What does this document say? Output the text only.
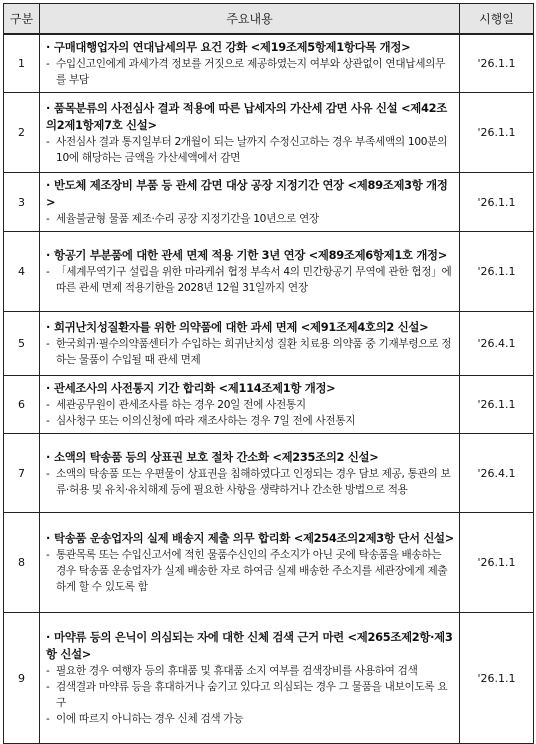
구분	주요내용	시행일
1	· 구매대행업자의 연대납세의무 요건 강화 <제19조제5항제1항다목 개정>
- 수입신고인에게 과세가격 정보를 거짓으로 제공하였는지 여부와 상관없이 연대납세의무를 부담	'26.1.1
2	· 품목분류의 사전심사 결과 적용에 따른 납세자의 가산세 감면 사유 신설 <제42조의2제1항제7호 신설>
- 사전심사 결과 통지일부터 2개월이 되는 날까지 수정신고하는 경우 부족세액의 100분의 10에 해당하는 금액을 가산세액에서 감면	'26.1.1
3	· 반도체 제조장비 부품 등 관세 감면 대상 공장 지정기간 연장 <제89조제3항 개정>
- 세율불균형 물품 제조·수리 공장 지정기간을 10년으로 연장	'26.1.1
4	· 항공기 부분품에 대한 관세 면제 적용 기한 3년 연장 <제89조제6항제1호 개정>
- 「세계무역기구 설립을 위한 마라케쉬 협정 부속서 4의 민간항공기 무역에 관한 협정」에 따른 관세 면제 적용기한을 2028년 12월 31일까지 연장	'26.1.1
5	· 희귀난치성질환자를 위한 의약품에 대한 과세 면제 <제91조제4호의2 신설>
- 한국희귀·필수의약품센터가 수입하는 희귀난치성 질환 치료용 의약품 중 기재부령으로 정하는 물품이 수입될 때 관세 면제	'26.4.1
6	· 관세조사의 사전통지 기간 합리화 <제114조제1항 개정>
- 세관공무원이 관세조사를 하는 경우 20일 전에 사전통지
- 심사청구 또는 이의신청에 따라 재조사하는 경우 7일 전에 사전통지	'26.1.1
7	· 소액의 탁송품 등의 상표권 보호 절차 간소화 <제235조의2 신설>
- 소액의 탁송품 또는 우편물이 상표권을 침해하였다고 인정되는 경우 담보 제공, 통관의 보류·허용 및 유치·유치해제 등에 필요한 사항을 생략하거나 간소한 방법으로 적용	'26.4.1
8	· 탁송품 운송업자의 실제 배송지 제출 의무 합리화 <제254조의2제3항 단서 신설>
- 통관목록 또는 수입신고서에 적힌 물품수신인의 주소지가 아닌 곳에 탁송품을 배송하는 경우 탁송품 운송업자가 실제 배송한 자로 하여금 실제 배송한 주소지를 세관장에게 제출하게 할 수 있도록 함	'26.1.1
9	· 마약류 등의 은닉이 의심되는 자에 대한 신체 검색 근거 마련 <제265조제2항·제3항 신설>
- 필요한 경우 여행자 등의 휴대품 및 휴대품 소지 여부를 검색장비를 사용하여 검색
- 검색결과 마약류 등을 휴대하거나 숨기고 있다고 의심되는 경우 그 물품을 내보이도록 요구
- 이에 따르지 아니하는 경우 신체 검색 가능	'26.1.1
